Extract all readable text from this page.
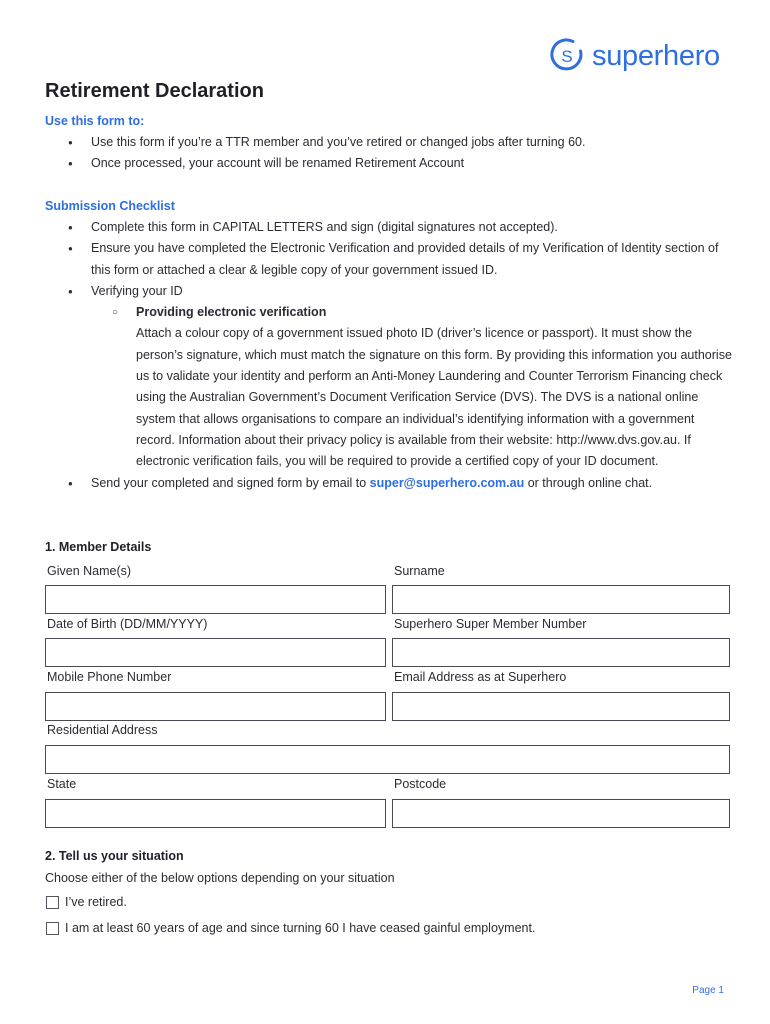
S superhero
Retirement Declaration
Use this form to:
● Use this form if you’re a TTR member and you’ve retired or changed jobs after turning 60.
● Once processed, your account will be renamed Retirement Account
Submission Checklist
● Complete this form in CAPITAL LETTERS and sign (digital signatures not accepted).
● Ensure you have completed the Electronic Verification and provided details of my Verification of Identity section of this form or attached a clear & legible copy of your government issued ID.
● Verifying your ID
○ Providing electronic verification
Attach a colour copy of a government issued photo ID (driver’s licence or passport). It must show the person’s signature, which must match the signature on this form. By providing this information you authorise us to validate your identity and perform an Anti-Money Laundering and Counter Terrorism Financing check using the Australian Government’s Document Verification Service (DVS). The DVS is a national online system that allows organisations to compare an individual’s identifying information with a government record. Information about their privacy policy is available from their website: http://www.dvs.gov.au. If electronic verification fails, you will be required to provide a certified copy of your ID document.
● Send your completed and signed form by email to super@superhero.com.au or through online chat.
1. Member Details
Given Name(s)	Surname
Date of Birth (DD/MM/YYYY)	Superhero Super Member Number
Mobile Phone Number	Email Address as at Superhero
Residential Address
State	Postcode
2. Tell us your situation
Choose either of the below options depending on your situation
I’ve retired.
I am at least 60 years of age and since turning 60 I have ceased gainful employment.
Page 1
